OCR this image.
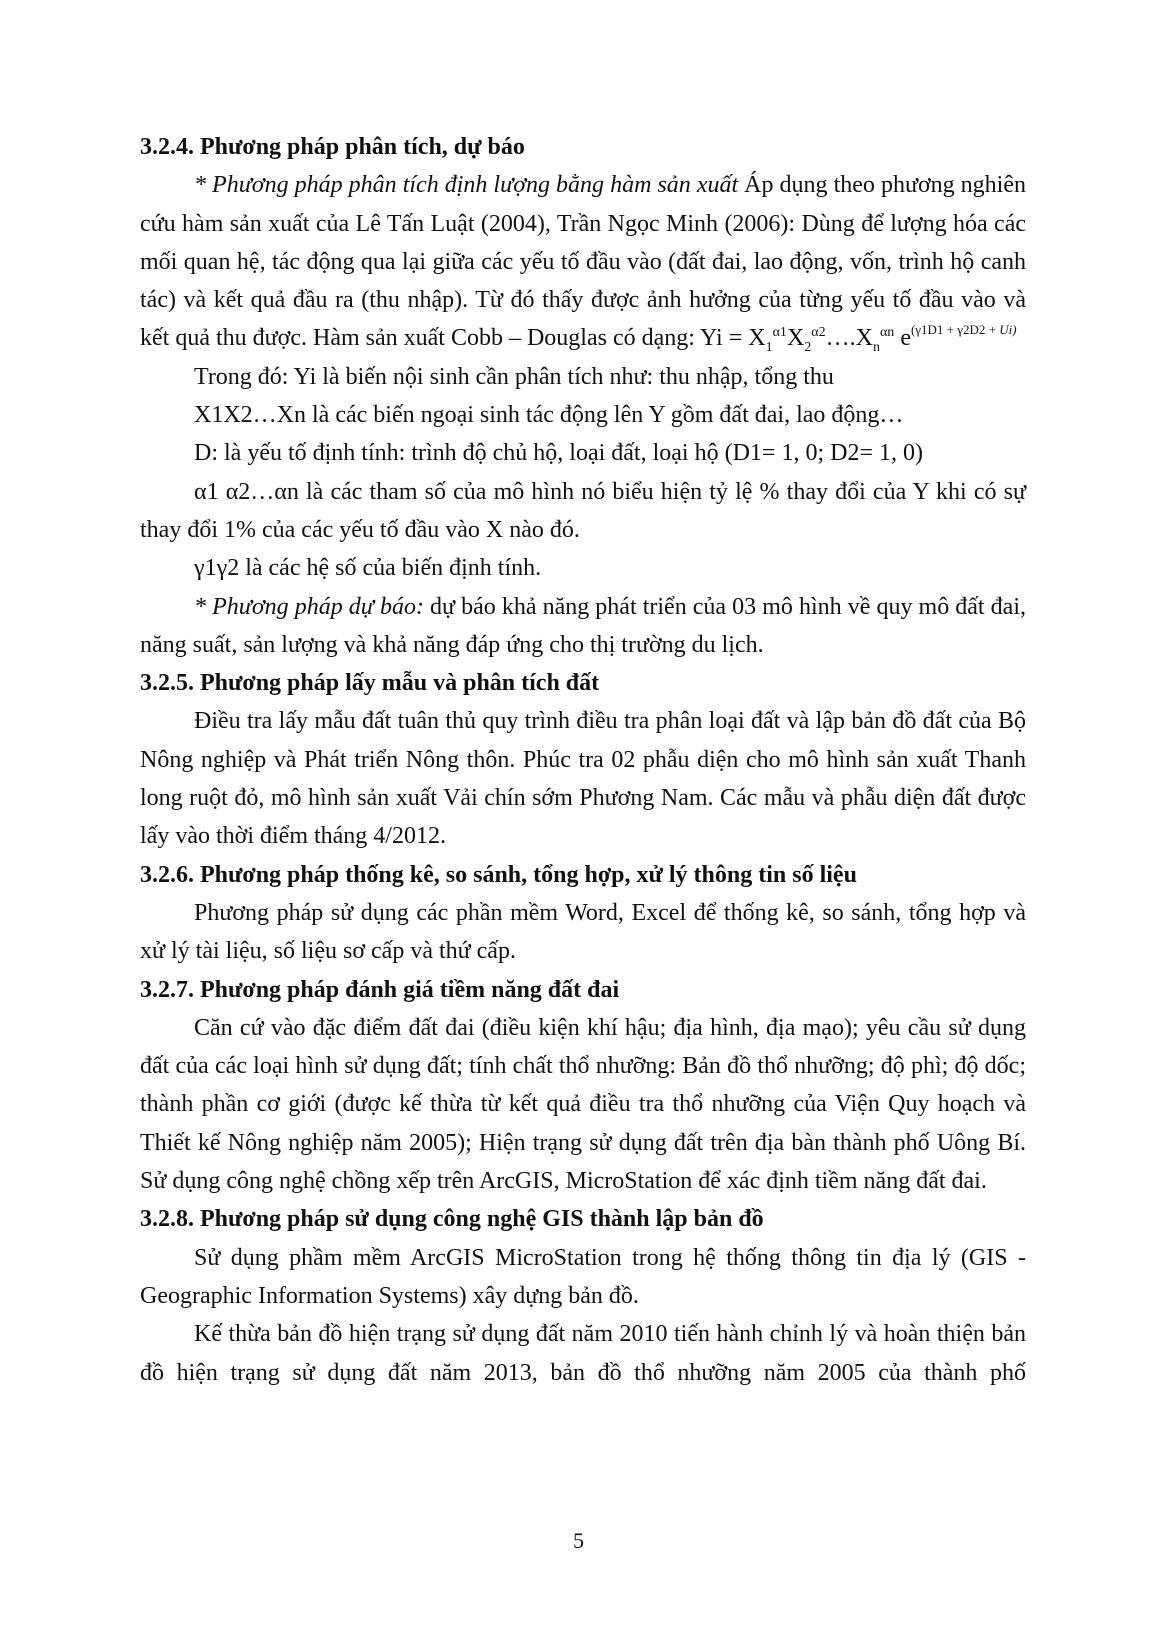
3.2.4. Phương pháp phân tích, dự báo

* Phương pháp phân tích định lượng bằng hàm sản xuất Áp dụng theo phương nghiên cứu hàm sản xuất của Lê Tấn Luật (2004), Trần Ngọc Minh (2006): Dùng để lượng hóa các mối quan hệ, tác động qua lại giữa các yếu tố đầu vào (đất đai, lao động, vốn, trình hộ canh tác) và kết quả đầu ra (thu nhập). Từ đó thấy được ảnh hưởng của từng yếu tố đầu vào và kết quả thu được. Hàm sản xuất Cobb – Douglas có dạng: $Yi = X_1^{\alpha 1}X_2^{\alpha 2}\dots.X_n^{\alpha n}$ $e^{(\gamma 1D1 + \gamma 2D2 + Ui)}$

Trong đó: Yi là biến nội sinh cần phân tích như: thu nhập, tổng thu

X1X2…Xn là các biến ngoại sinh tác động lên Y gồm đất đai, lao động…

D: là yếu tố định tính: trình độ chủ hộ, loại đất, loại hộ (D1= 1, 0; D2= 1, 0)

α1 α2…αn là các tham số của mô hình nó biểu hiện tỷ lệ % thay đổi của Y khi có sự thay đổi 1% của các yếu tố đầu vào X nào đó.

γ1γ2 là các hệ số của biến định tính.

* Phương pháp dự báo: dự báo khả năng phát triển của 03 mô hình về quy mô đất đai, năng suất, sản lượng và khả năng đáp ứng cho thị trường du lịch.

3.2.5. Phương pháp lấy mẫu và phân tích đất

Điều tra lấy mẫu đất tuân thủ quy trình điều tra phân loại đất và lập bản đồ đất của Bộ Nông nghiệp và Phát triển Nông thôn. Phúc tra 02 phẫu diện cho mô hình sản xuất Thanh long ruột đỏ, mô hình sản xuất Vải chín sớm Phương Nam. Các mẫu và phẫu diện đất được lấy vào thời điểm tháng 4/2012.

3.2.6. Phương pháp thống kê, so sánh, tổng hợp, xử lý thông tin số liệu

Phương pháp sử dụng các phần mềm Word, Excel để thống kê, so sánh, tổng hợp và xử lý tài liệu, số liệu sơ cấp và thứ cấp.

3.2.7. Phương pháp đánh giá tiềm năng đất đai

Căn cứ vào đặc điểm đất đai (điều kiện khí hậu; địa hình, địa mạo); yêu cầu sử dụng đất của các loại hình sử dụng đất; tính chất thổ nhưỡng: Bản đồ thổ nhưỡng; độ phì; độ dốc; thành phần cơ giới (được kế thừa từ kết quả điều tra thổ nhưỡng của Viện Quy hoạch và Thiết kế Nông nghiệp năm 2005); Hiện trạng sử dụng đất trên địa bàn thành phố Uông Bí. Sử dụng công nghệ chồng xếp trên ArcGIS, MicroStation để xác định tiềm năng đất đai.

3.2.8. Phương pháp sử dụng công nghệ GIS thành lập bản đồ

Sử dụng phầm mềm ArcGIS MicroStation trong hệ thống thông tin địa lý (GIS - Geographic Information Systems) xây dựng bản đồ.

Kế thừa bản đồ hiện trạng sử dụng đất năm 2010 tiến hành chỉnh lý và hoàn thiện bản đồ hiện trạng sử dụng đất năm 2013, bản đồ thổ nhưỡng năm 2005 của thành phố

5
